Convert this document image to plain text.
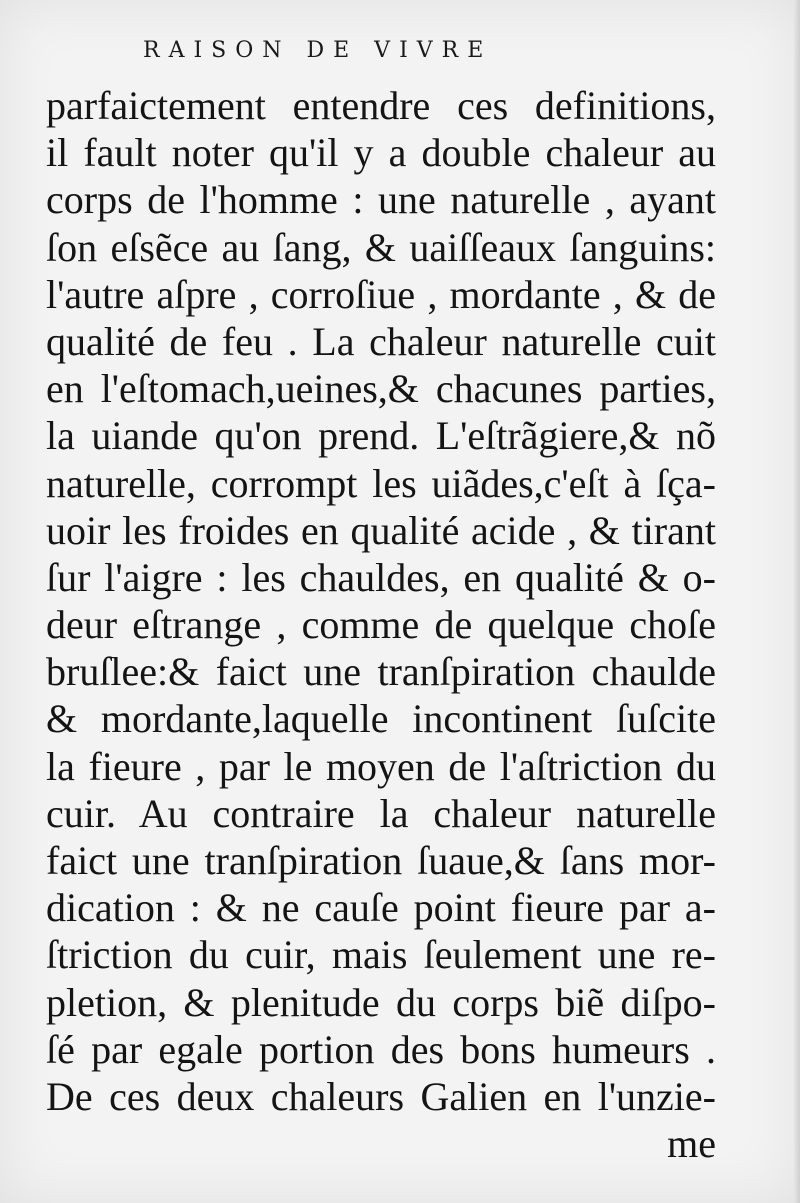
RAISON DE VIVRE
parfaictement entendre ces definitions,
il fault noter qu'il y a double chaleur au
corps de l'homme : une naturelle , ayant
ſon eſsẽce au ſang, & uaiſſeaux ſanguins:
l'autre aſpre , corroſiue , mordante , & de
qualité de feu . La chaleur naturelle cuit
en l'eſtomach,ueines,& chacunes parties,
la uiande qu'on prend. L'eſtrãgiere,& nõ
naturelle, corrompt les uiãdes,c'eſt à ſça-
uoir les froides en qualité acide , & tirant
ſur l'aigre : les chauldes, en qualité & o-
deur eſtrange , comme de quelque choſe
bruſlee:& faict une tranſpiration chaulde
& mordante,laquelle incontinent ſuſcite
la fieure , par le moyen de l'aſtriction du
cuir. Au contraire la chaleur naturelle
faict une tranſpiration ſuaue,& ſans mor-
dication : & ne cauſe point fieure par a-
ſtriction du cuir, mais ſeulement une re-
pletion, & plenitude du corps biẽ diſpo-
ſé par egale portion des bons humeurs .
De ces deux chaleurs Galien en l'unzie-
me
